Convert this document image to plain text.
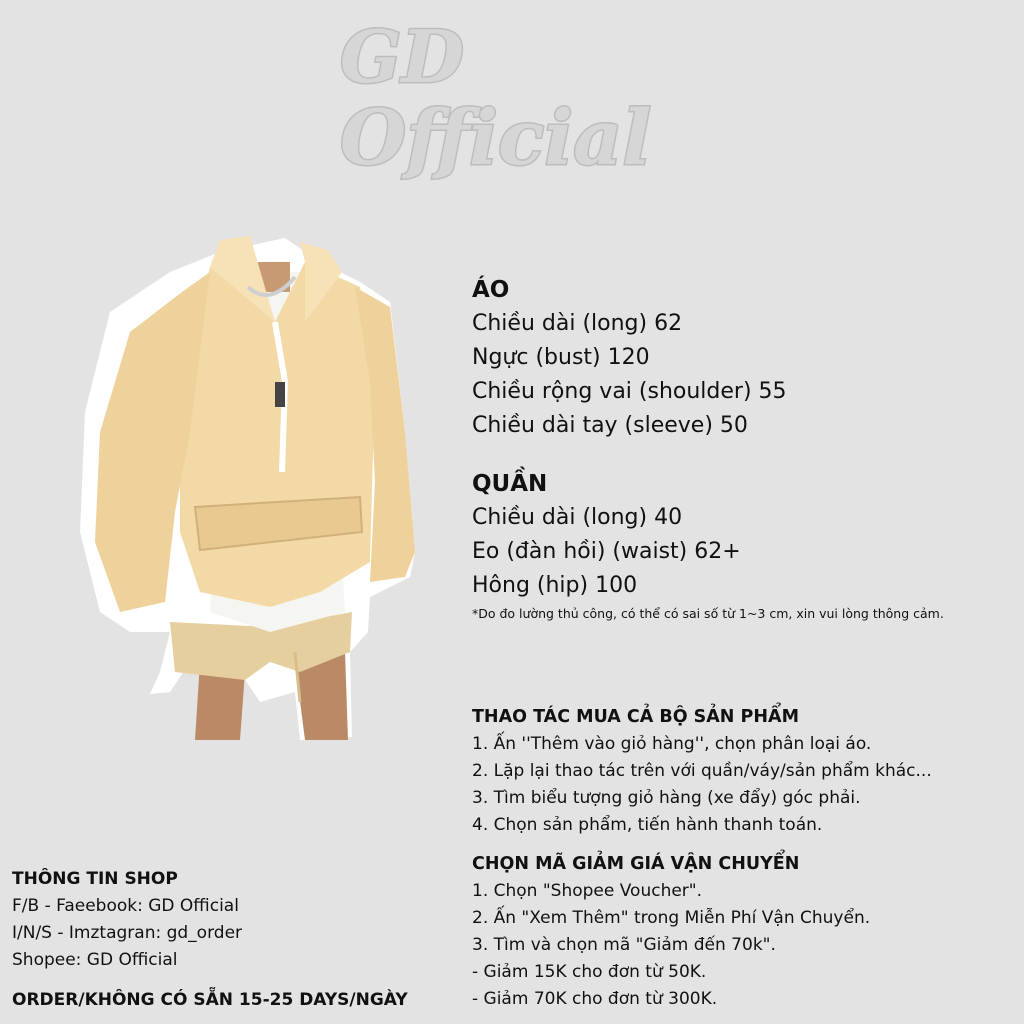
GD
Official
ÁO
Chiều dài (long) 62
Ngực (bust) 120
Chiều rộng vai (shoulder) 55
Chiều dài tay (sleeve) 50
QUẦN
Chiều dài (long) 40
Eo (đàn hồi) (waist) 62+
Hông (hip) 100
*Do đo lường thủ công, có thể có sai số từ 1~3 cm, xin vui lòng thông cảm.
THAO TÁC MUA CẢ BỘ SẢN PHẨM
1. Ấn ''Thêm vào giỏ hàng'', chọn phân loại áo.
2. Lặp lại thao tác trên với quần/váy/sản phẩm khác...
3. Tìm biểu tượng giỏ hàng (xe đẩy) góc phải.
4. Chọn sản phẩm, tiến hành thanh toán.
CHỌN MÃ GIẢM GIÁ VẬN CHUYỂN
1. Chọn "Shopee Voucher".
2. Ấn "Xem Thêm" trong Miễn Phí Vận Chuyển.
3. Tìm và chọn mã "Giảm đến 70k".
- Giảm 15K cho đơn từ 50K.
- Giảm 70K cho đơn từ 300K.
THÔNG TIN SHOP
F/B - Faeebook: GD Official
I/N/S - Imztagran: gd_order
Shopee: GD Official
ORDER/KHÔNG CÓ SẴN 15-25 DAYS/NGÀY
